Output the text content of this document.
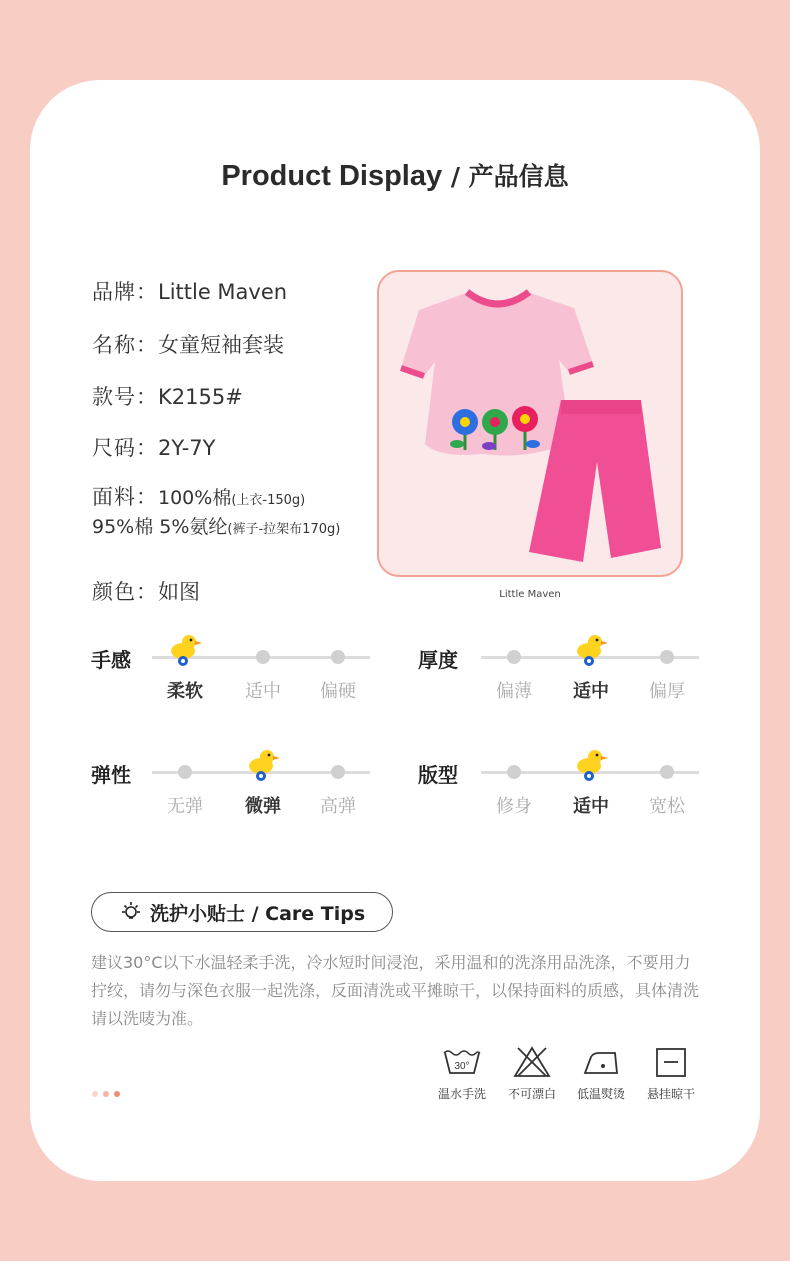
Product Display / 产品信息
品牌：Little Maven
名称：女童短袖套装
款号：K2155#
尺码：2Y-7Y
面料：100%棉(上衣-150g)
95%棉 5%氨纶(裤子-拉架布170g)
颜色：如图	Little Maven
手感
柔软	适中	偏硬
厚度
偏薄	适中	偏厚
弹性
无弹	微弹	高弹
版型
修身	适中	宽松
洗护小贴士 / Care Tips
建议30°C以下水温轻柔手洗，冷水短时间浸泡，采用温和的洗涤用品洗涤，不要用力拧绞，请勿与深色衣服一起洗涤，反面清洗或平摊晾干，以保持面料的质感，具体清洗请以洗唛为准。
30°
温水手洗	不可漂白	低温熨烫	悬挂晾干
